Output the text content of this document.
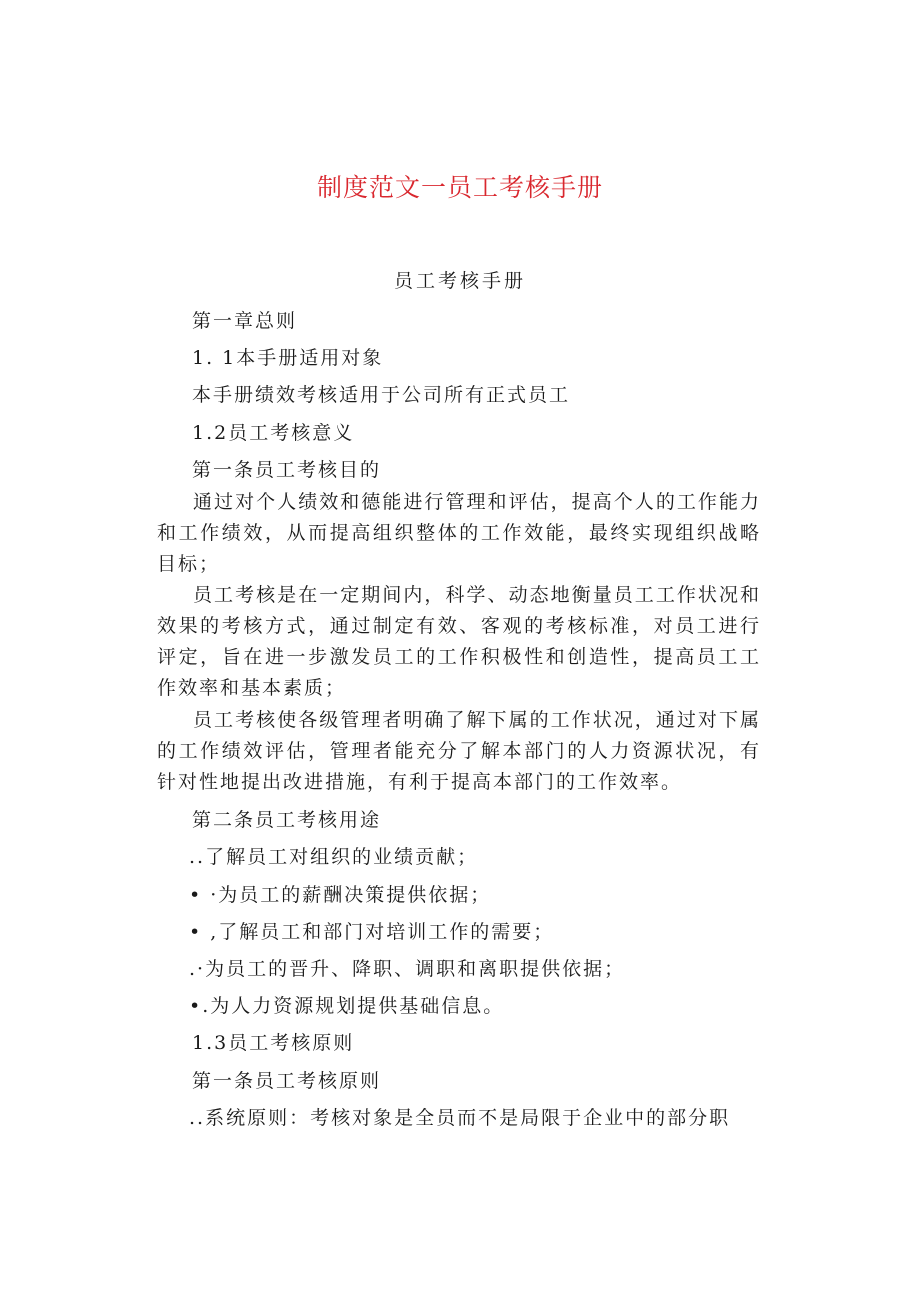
制度范文一员工考核手册
员工考核手册
第一章总则
1. 1本手册适用对象
本手册绩效考核适用于公司所有正式员工
1.2员工考核意义
第一条员工考核目的
通过对个人绩效和德能进行管理和评估，提高个人的工作能力和工作绩效，从而提高组织整体的工作效能，最终实现组织战略目标；
员工考核是在一定期间内，科学、动态地衡量员工工作状况和效果的考核方式，通过制定有效、客观的考核标准，对员工进行评定，旨在进一步激发员工的工作积极性和创造性，提高员工工作效率和基本素质；
员工考核使各级管理者明确了解下属的工作状况，通过对下属的工作绩效评估，管理者能充分了解本部门的人力资源状况，有针对性地提出改进措施，有利于提高本部门的工作效率。
第二条员工考核用途
..了解员工对组织的业绩贡献；
• ·为员工的薪酬决策提供依据；
• ,了解员工和部门对培训工作的需要；
.·为员工的晋升、降职、调职和离职提供依据；
•.为人力资源规划提供基础信息。
1.3员工考核原则
第一条员工考核原则
..系统原则：考核对象是全员而不是局限于企业中的部分职
